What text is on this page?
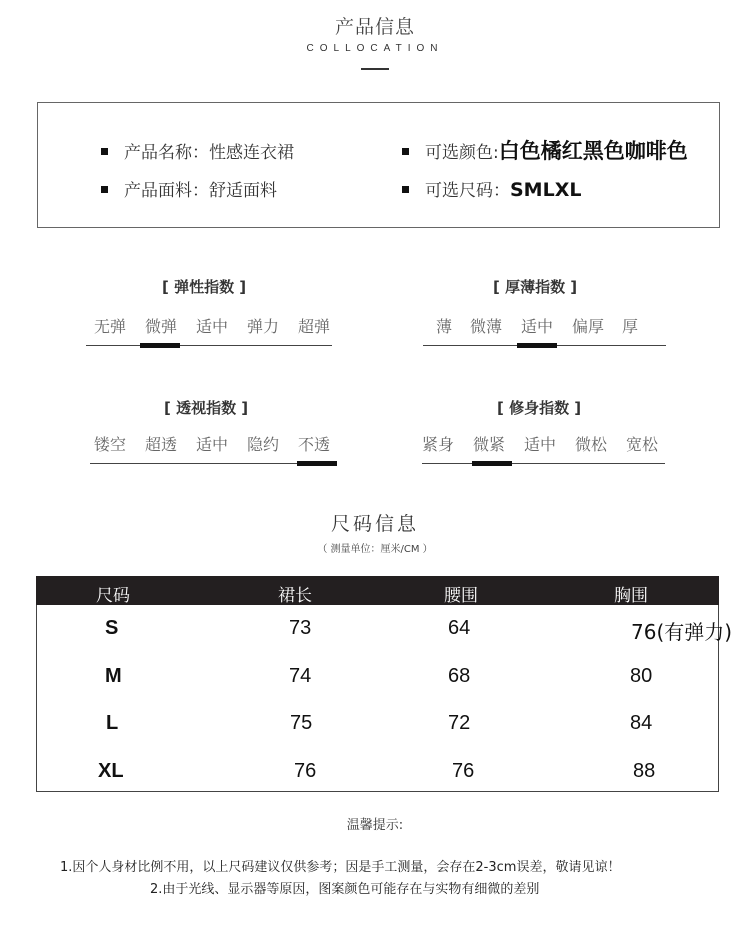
产品信息
COLLOCATION
产品名称：性感连衣裙
产品面料：舒适面料
可选颜色:白色橘红黑色咖啡色
可选尺码：SMLXL
[ 弹性指数 ]
无弹 微弹 适中 弹力 超弹
[ 厚薄指数 ]
薄 微薄 适中 偏厚 厚
[ 透视指数 ]
镂空 超透 适中 隐约 不透
[ 修身指数 ]
紧身 微紧 适中 微松 宽松
尺码信息
（ 测量单位：厘米/CM ）
尺码	裙长	腰围	胸围
S	73	64	76(有弹力)
M	74	68	80
L	75	72	84
XL	76	76	88
温馨提示:
1.因个人身材比例不用，以上尺码建议仅供参考；因是手工测量，会存在2-3cm误差，敬请见谅！
2.由于光线、显示器等原因，图案颜色可能存在与实物有细微的差别
